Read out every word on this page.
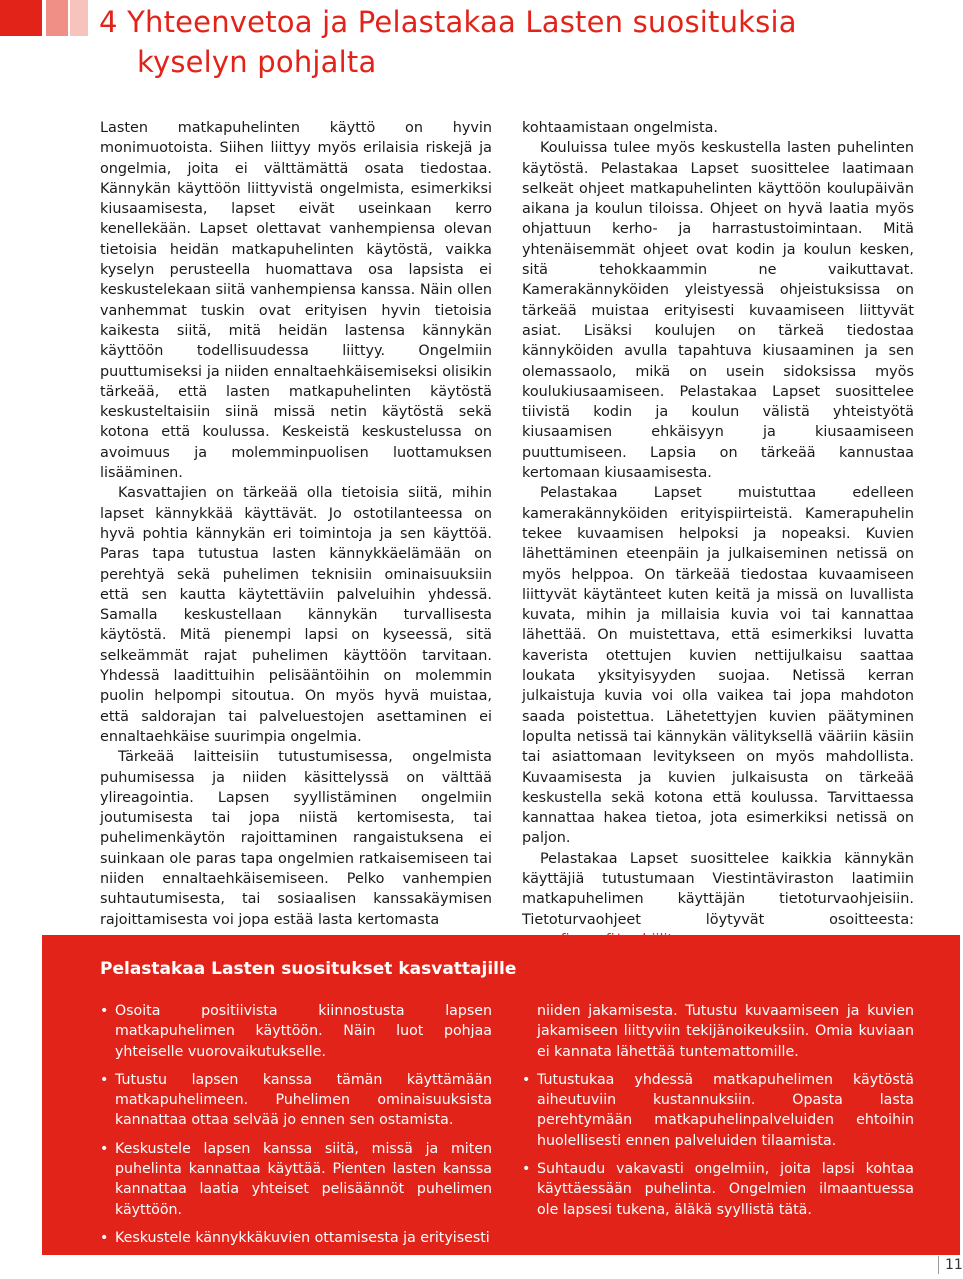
4 Yhteenvetoa ja Pelastakaa Lasten suosituksia
kyselyn pohjalta

Lasten matkapuhelinten käyttö on hyvin monimuotoista. Siihen liittyy myös erilaisia riskejä ja ongelmia, joita ei välttämättä osata tiedostaa. Kännykän käyttöön liittyvistä ongelmista, esimerkiksi kiusaamisesta, lapset eivät useinkaan kerro kenellekään. Lapset olettavat vanhempiensa olevan tietoisia heidän matkapuhelinten käytöstä, vaikka kyselyn perusteella huomattava osa lapsista ei keskustelekaan siitä vanhempiensa kanssa. Näin ollen vanhemmat tuskin ovat erityisen hyvin tietoisia kaikesta siitä, mitä heidän lastensa kännykän käyttöön todellisuudessa liittyy. Ongelmiin puuttumiseksi ja niiden ennaltaehkäisemiseksi olisikin tärkeää, että lasten matkapuhelinten käytöstä keskusteltaisiin siinä missä netin käytöstä sekä kotona että koulussa. Keskeistä keskustelussa on avoimuus ja molemminpuolisen luottamuksen lisääminen.

Kasvattajien on tärkeää olla tietoisia siitä, mihin lapset kännykkää käyttävät. Jo ostotilanteessa on hyvä pohtia kännykän eri toimintoja ja sen käyttöä. Paras tapa tutustua lasten kännykkäelämään on perehtyä sekä puhelimen teknisiin ominaisuuksiin että sen kautta käytettäviin palveluihin yhdessä. Samalla keskustellaan kännykän turvallisesta käytöstä. Mitä pienempi lapsi on kyseessä, sitä selkeämmät rajat puhelimen käyttöön tarvitaan. Yhdessä laadittuihin pelisääntöihin on molemmin puolin helpompi sitoutua. On myös hyvä muistaa, että saldorajan tai palveluestojen asettaminen ei ennaltaehkäise suurimpia ongelmia.

Tärkeää laitteisiin tutustumisessa, ongelmista puhumisessa ja niiden käsittelyssä on välttää ylireagointia. Lapsen syyllistäminen ongelmiin joutumisesta tai jopa niistä kertomisesta, tai puhelimenkäytön rajoittaminen rangaistuksena ei suinkaan ole paras tapa ongelmien ratkaisemiseen tai niiden ennaltaehkäisemiseen. Pelko vanhempien suhtautumisesta, tai sosiaalisen kanssakäymisen rajoittamisesta voi jopa estää lasta kertomasta

kohtaamistaan ongelmista.

Kouluissa tulee myös keskustella lasten puhelinten käytöstä. Pelastakaa Lapset suosittelee laatimaan selkeät ohjeet matkapuhelinten käyttöön koulupäivän aikana ja koulun tiloissa. Ohjeet on hyvä laatia myös ohjattuun kerho- ja harrastustoimintaan. Mitä yhtenäisemmät ohjeet ovat kodin ja koulun kesken, sitä tehokkaammin ne vaikuttavat. Kamerakännyköiden yleistyessä ohjeistuksissa on tärkeää muistaa erityisesti kuvaamiseen liittyvät asiat. Lisäksi koulujen on tärkeä tiedostaa kännyköiden avulla tapahtuva kiusaaminen ja sen olemassaolo, mikä on usein sidoksissa myös koulukiusaamiseen. Pelastakaa Lapset suosittelee tiivistä kodin ja koulun välistä yhteistyötä kiusaamisen ehkäisyyn ja kiusaamiseen puuttumiseen. Lapsia on tärkeää kannustaa kertomaan kiusaamisesta.

Pelastakaa Lapset muistuttaa edelleen kamerakännyköiden erityispiirteistä. Kamerapuhelin tekee kuvaamisen helpoksi ja nopeaksi. Kuvien lähettäminen eteenpäin ja julkaiseminen netissä on myös helppoa. On tärkeää tiedostaa kuvaamiseen liittyvät käytänteet kuten keitä ja missä on luvallista kuvata, mihin ja millaisia kuvia voi tai kannattaa lähettää. On muistettava, että esimerkiksi luvatta kaverista otettujen kuvien nettijulkaisu saattaa loukata yksityisyyden suojaa. Netissä kerran julkaistuja kuvia voi olla vaikea tai jopa mahdoton saada poistettua. Lähetettyjen kuvien päätyminen lopulta netissä tai kännykän välityksellä vääriin käsiin tai asiattomaan levitykseen on myös mahdollista. Kuvaamisesta ja kuvien julkaisusta on tärkeää keskustella sekä kotona että koulussa. Tarvittaessa kannattaa hakea tietoa, jota esimerkiksi netissä on paljon.

Pelastakaa Lapset suosittelee kaikkia kännykän käyttäjiä tutustumaan Viestintäviraston laatimiin matkapuhelimen käyttäjän tietoturvaohjeisiin. Tietoturvaohjeet löytyvät osoitteesta:

Pelastakaa Lasten suositukset kasvattajille
• Osoita positiivista kiinnostusta lapsen matkapuhelimen käyttöön. Näin luot pohjaa yhteiselle vuorovaikutukselle.
• Tutustu lapsen kanssa tämän käyttämään matkapuhelimeen. Puhelimen ominaisuuksista kannattaa ottaa selvää jo ennen sen ostamista.
• Keskustele lapsen kanssa siitä, missä ja miten puhelinta kannattaa käyttää. Pienten lasten kanssa kannattaa laatia yhteiset pelisäännöt puhelimen käyttöön.
• Keskustele kännykkäkuvien ottamisesta ja erityisesti

niiden jakamisesta. Tutustu kuvaamiseen ja kuvien jakamiseen liittyviin tekijänoikeuksiin. Omia kuviaan ei kannata lähettää tuntemattomille.

• Tutustukaa yhdessä matkapuhelimen käytöstä aiheutuviin kustannuksiin. Opasta lasta perehtymään matkapuhelinpalveluiden ehtoihin huolellisesti ennen palveluiden tilaamista.
• Suhtaudu vakavasti ongelmiin, joita lapsi kohtaa käyttäessään puhelinta. Ongelmien ilmaantuessa ole lapsesi tukena, äläkä syyllistä tätä.
11
